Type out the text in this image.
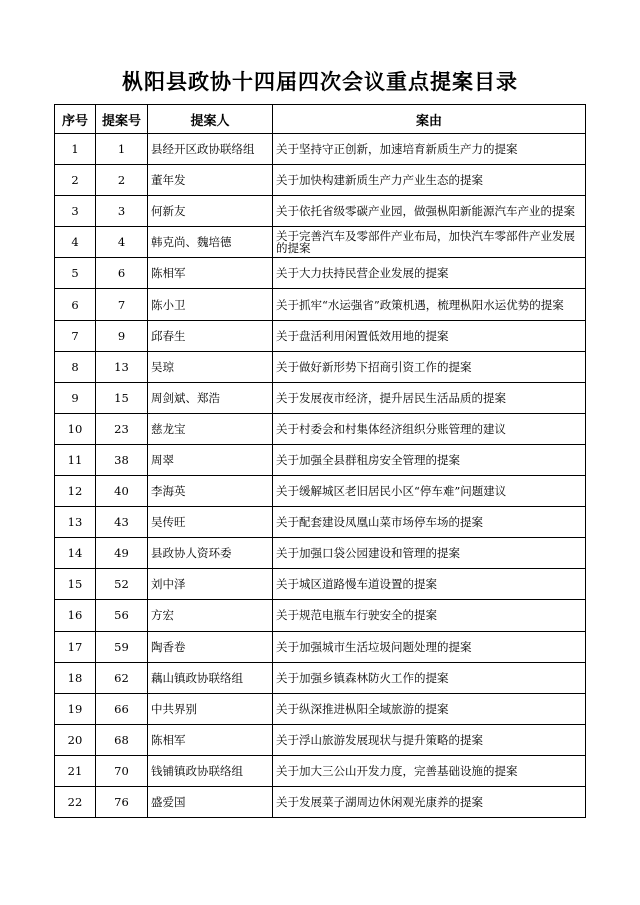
枞阳县政协十四届四次会议重点提案目录
序号	提案号	提案人	案由
1	1	县经开区政协联络组	关于坚持守正创新，加速培育新质生产力的提案
2	2	董年发	关于加快构建新质生产力产业生态的提案
3	3	何新友	关于依托省级零碳产业园，做强枞阳新能源汽车产业的提案
4	4	韩克尚、魏培德	关于完善汽车及零部件产业布局，加快汽车零部件产业发展的提案
5	6	陈相军	关于大力扶持民营企业发展的提案
6	7	陈小卫	关于抓牢“水运强省”政策机遇，梳理枞阳水运优势的提案
7	9	邱春生	关于盘活利用闲置低效用地的提案
8	13	吴琼	关于做好新形势下招商引资工作的提案
9	15	周剑斌、郑浩	关于发展夜市经济，提升居民生活品质的提案
10	23	慈龙宝	关于村委会和村集体经济组织分账管理的建议
11	38	周翠	关于加强全县群租房安全管理的提案
12	40	李海英	关于缓解城区老旧居民小区“停车难”问题建议
13	43	吴传旺	关于配套建设凤凰山菜市场停车场的提案
14	49	县政协人资环委	关于加强口袋公园建设和管理的提案
15	52	刘中泽	关于城区道路慢车道设置的提案
16	56	方宏	关于规范电瓶车行驶安全的提案
17	59	陶香卷	关于加强城市生活垃圾问题处理的提案
18	62	藕山镇政协联络组	关于加强乡镇森林防火工作的提案
19	66	中共界别	关于纵深推进枞阳全域旅游的提案
20	68	陈相军	关于浮山旅游发展现状与提升策略的提案
21	70	钱铺镇政协联络组	关于加大三公山开发力度，完善基础设施的提案
22	76	盛爱国	关于发展菜子湖周边休闲观光康养的提案
